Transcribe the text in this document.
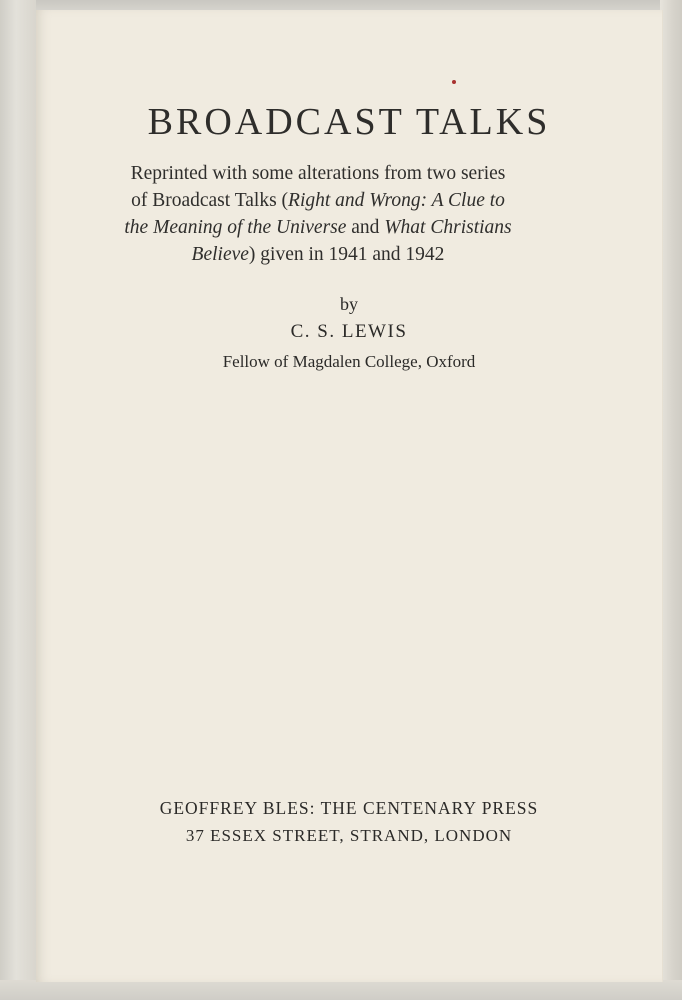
BROADCAST TALKS

Reprinted with some alterations from two series
of Broadcast Talks (Right and Wrong: A Clue to
the Meaning of the Universe and What Christians
Believe) given in 1941 and 1942

by

C. S. LEWIS

Fellow of Magdalen College, Oxford

GEOFFREY BLES: THE CENTENARY PRESS

37 ESSEX STREET, STRAND, LONDON
